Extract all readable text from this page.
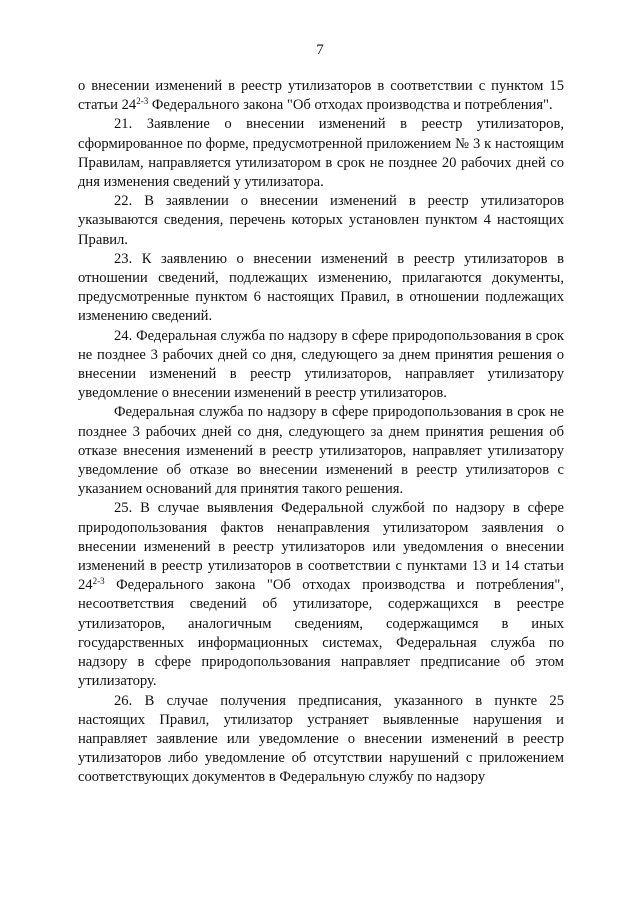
7

о внесении изменений в реестр утилизаторов в соответствии с пунктом 15 статьи 24$^{2-3}$ Федерального закона "Об отходах производства и потребления".

21. Заявление о внесении изменений в реестр утилизаторов, сформированное по форме, предусмотренной приложением № 3 к настоящим Правилам, направляется утилизатором в срок не позднее 20 рабочих дней со дня изменения сведений у утилизатора.

22. В заявлении о внесении изменений в реестр утилизаторов указываются сведения, перечень которых установлен пунктом 4 настоящих Правил.

23. К заявлению о внесении изменений в реестр утилизаторов в отношении сведений, подлежащих изменению, прилагаются документы, предусмотренные пунктом 6 настоящих Правил, в отношении подлежащих изменению сведений.

24. Федеральная служба по надзору в сфере природопользования в срок не позднее 3 рабочих дней со дня, следующего за днем принятия решения о внесении изменений в реестр утилизаторов, направляет утилизатору уведомление о внесении изменений в реестр утилизаторов.

Федеральная служба по надзору в сфере природопользования в срок не позднее 3 рабочих дней со дня, следующего за днем принятия решения об отказе внесения изменений в реестр утилизаторов, направляет утилизатору уведомление об отказе во внесении изменений в реестр утилизаторов с указанием оснований для принятия такого решения.

25. В случае выявления Федеральной службой по надзору в сфере природопользования фактов ненаправления утилизатором заявления о внесении изменений в реестр утилизаторов или уведомления о внесении изменений в реестр утилизаторов в соответствии с пунктами 13 и 14 статьи 24$^{2-3}$ Федерального закона "Об отходах производства и потребления", несоответствия сведений об утилизаторе, содержащихся в реестре утилизаторов, аналогичным сведениям, содержащимся в иных государственных информационных системах, Федеральная служба по надзору в сфере природопользования направляет предписание об этом утилизатору.

26. В случае получения предписания, указанного в пункте 25 настоящих Правил, утилизатор устраняет выявленные нарушения и направляет заявление или уведомление о внесении изменений в реестр утилизаторов либо уведомление об отсутствии нарушений с приложением соответствующих документов в Федеральную службу по надзору
